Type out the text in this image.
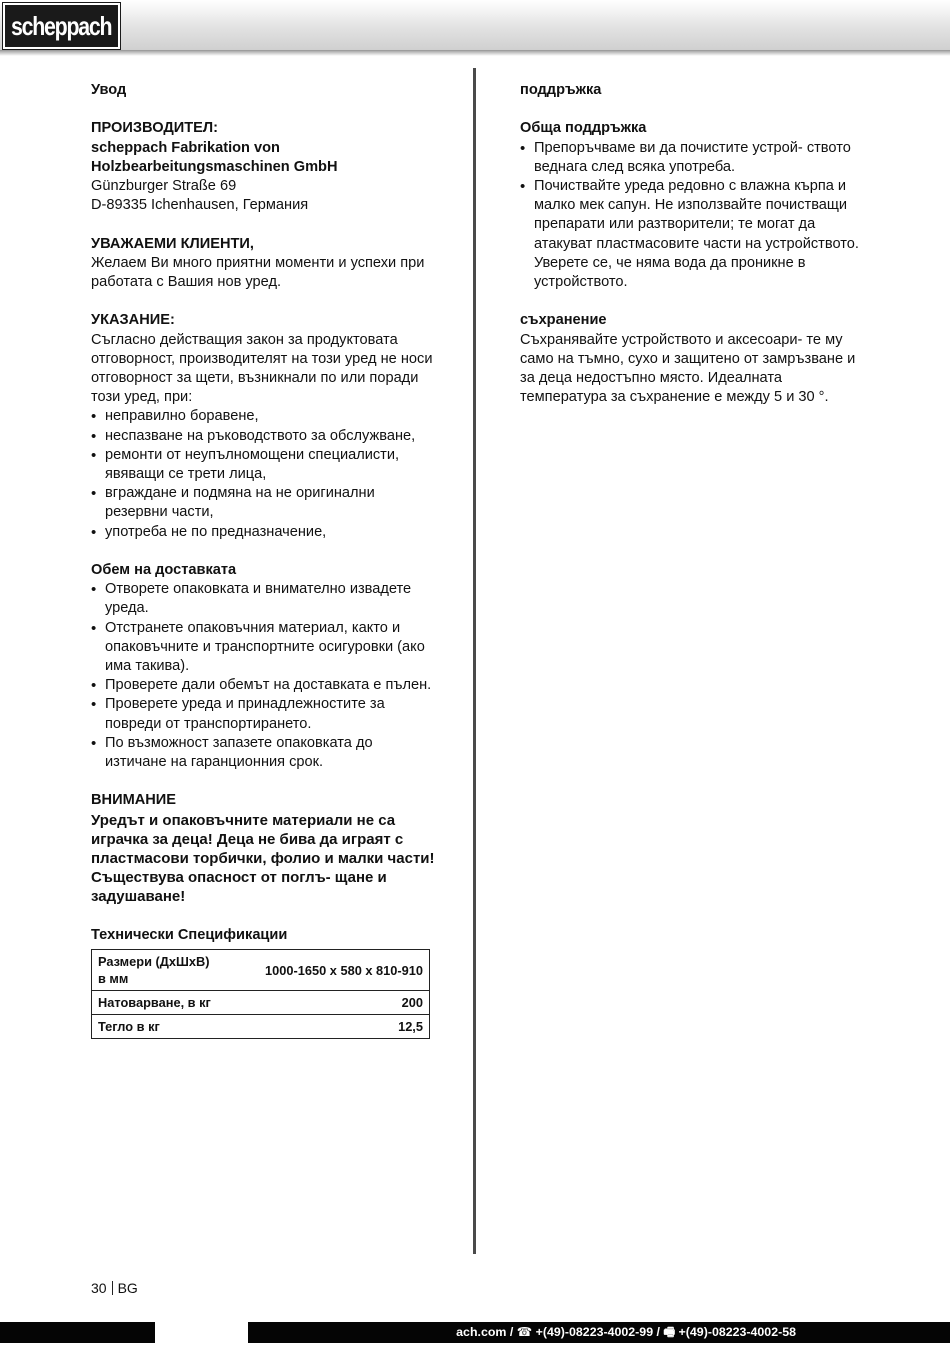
scheppach
Увод
ПРОИЗВОДИТЕЛ:
scheppach Fabrikation von
Holzbearbeitungsmaschinen GmbH
Günzburger Straße 69
D-89335 Ichenhausen, Германия
УВАЖАЕМИ КЛИЕНТИ,

Желаем Ви много приятни моменти и успехи при работата с Вашия нов уред.

УКАЗАНИЕ:

Съгласно действащия закон за продуктовата отговорност, производителят на този уред не носи отговорност за щети, възникнали по или поради този уред, при:

• неправилно боравене,
• неспазване на ръководството за обслужване,
• ремонти от неупълномощени специалисти, явяващи се трети лица,
• вграждане и подмяна на не оригинални резервни части,
• употреба не по предназначение,
Обем на доставката
• Отворете опаковката и внимателно извадете уреда.
• Отстранете опаковъчния материал, както и опаковъчните и транспортните осигуровки (ако има такива).
• Проверете дали обемът на доставката е пълен.
• Проверете уреда и принадлежностите за повреди от транспортирането.
• По възможност запазете опаковката до изтичане на гаранционния срок.
ВНИМАНИЕ

Уредът и опаковъчните материали не са играчка за деца! Деца не бива да играят с пластмасови торбички, фолио и малки части! Съществува опасност от поглъ- щане и задушаване!

Технически Спецификации
Размери (ДхШхВ) в мм	1000-1650 x 580 x 810-910
Натоварване, в кг	200
Тегло в кг	12,5
поддръжка
Обща поддръжка
• Препоръчваме ви да почистите устрой- ството веднага след всяка употреба.
• Почиствайте уреда редовно с влажна кърпа и малко мек сапун. Не използвайте почистващи препарати или разтворители; те могат да атакуват пластмасовите части на устройството. Уверете се, че няма вода да проникне в устройството.
съхранение

Съхранявайте устройството и аксесоари- те му само на тъмно, сухо и защитено от замръзване и за деца недостъпно място. Идеалната температура за съхранение е между 5 и 30 °.

30 BG
ach.com / ☎ +(49)-08223-4002-99 / 🖷 +(49)-08223-4002-58
